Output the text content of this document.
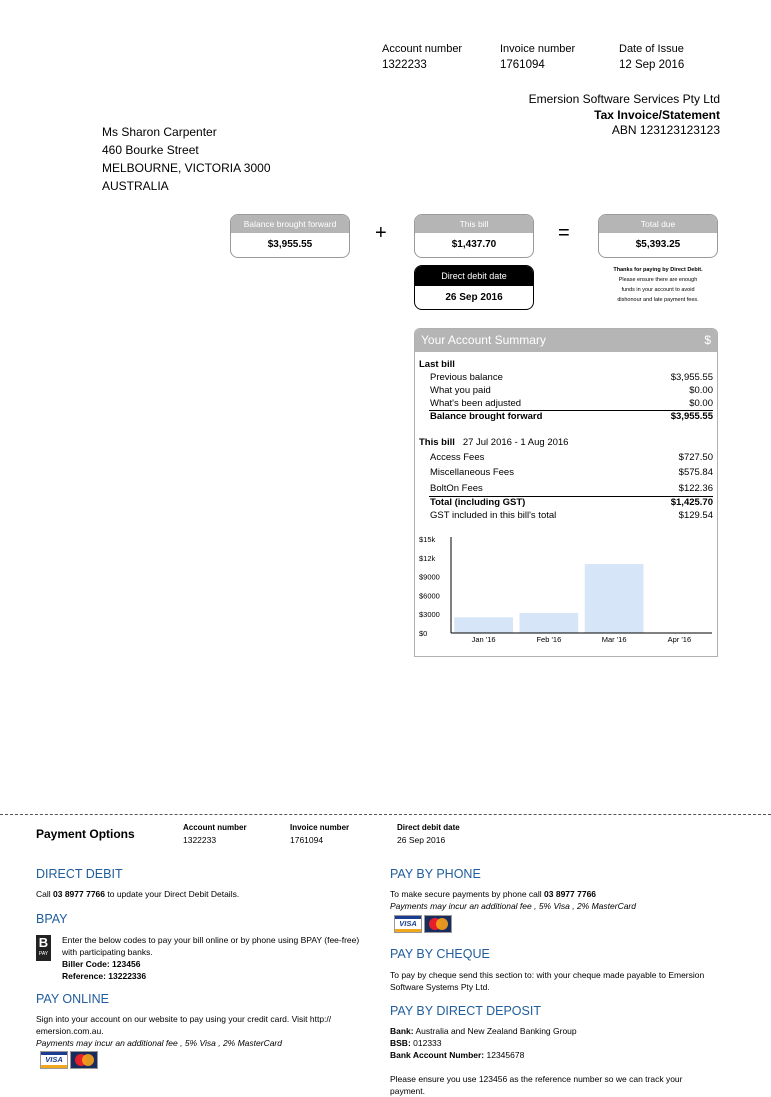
Account number
1322233
Invoice number
1761094
Date of Issue
12 Sep 2016
Emersion Software Services Pty Ltd
Tax Invoice/Statement
ABN 123123123123
Ms Sharon Carpenter
460 Bourke Street
MELBOURNE, VICTORIA 3000
AUSTRALIA
Balance brought forward
$3,955.55
+	This bill
$1,437.70
=	Total due
$5,393.25
Direct debit date
26 Sep 2016
Thanks for paying by Direct Debit.
Please ensure there are enough
funds in your account to avoid
dishonour and late payment fees.
Your Account Summary	$
Last bill
Previous balance	$3,955.55
What you paid	$0.00
What's been adjusted	$0.00
Balance brought forward	$3,955.55
This bill 27 Jul 2016 - 1 Aug 2016
Access Fees	$727.50
Miscellaneous Fees	$575.84
BoltOn Fees	$122.36
Total (including GST)	$1,425.70
GST included in this bill's total	$129.54
Jan '16	Feb '16	Mar '16	Apr '16
$0
$3000
$6000
$9000
$12k
$15k
Payment Options	Account number
1322233
Invoice number
1761094
Direct debit date
26 Sep 2016
DIRECT DEBIT
Call 03 8977 7766 to update your Direct Debit Details.
BPAY
B
PAY
Enter the below codes to pay your bill online or by phone using BPAY (fee-free)
with participating banks.
Biller Code: 123456
Reference: 13222336
PAY ONLINE
Sign into your account on our website to pay using your credit card. Visit http://
emersion.com.au.
Payments may incur an additional fee , 5% Visa , 2% MasterCard
VISA
PAY BY PHONE
To make secure payments by phone call 03 8977 7766
Payments may incur an additional fee , 5% Visa , 2% MasterCard
VISA
PAY BY CHEQUE
To pay by cheque send this section to: with your cheque made payable to Emersion
Software Systems Pty Ltd.
PAY BY DIRECT DEPOSIT
Bank: Australia and New Zealand Banking Group
BSB: 012333
Bank Account Number: 12345678
Please ensure you use 123456 as the reference number so we can track your
payment.
